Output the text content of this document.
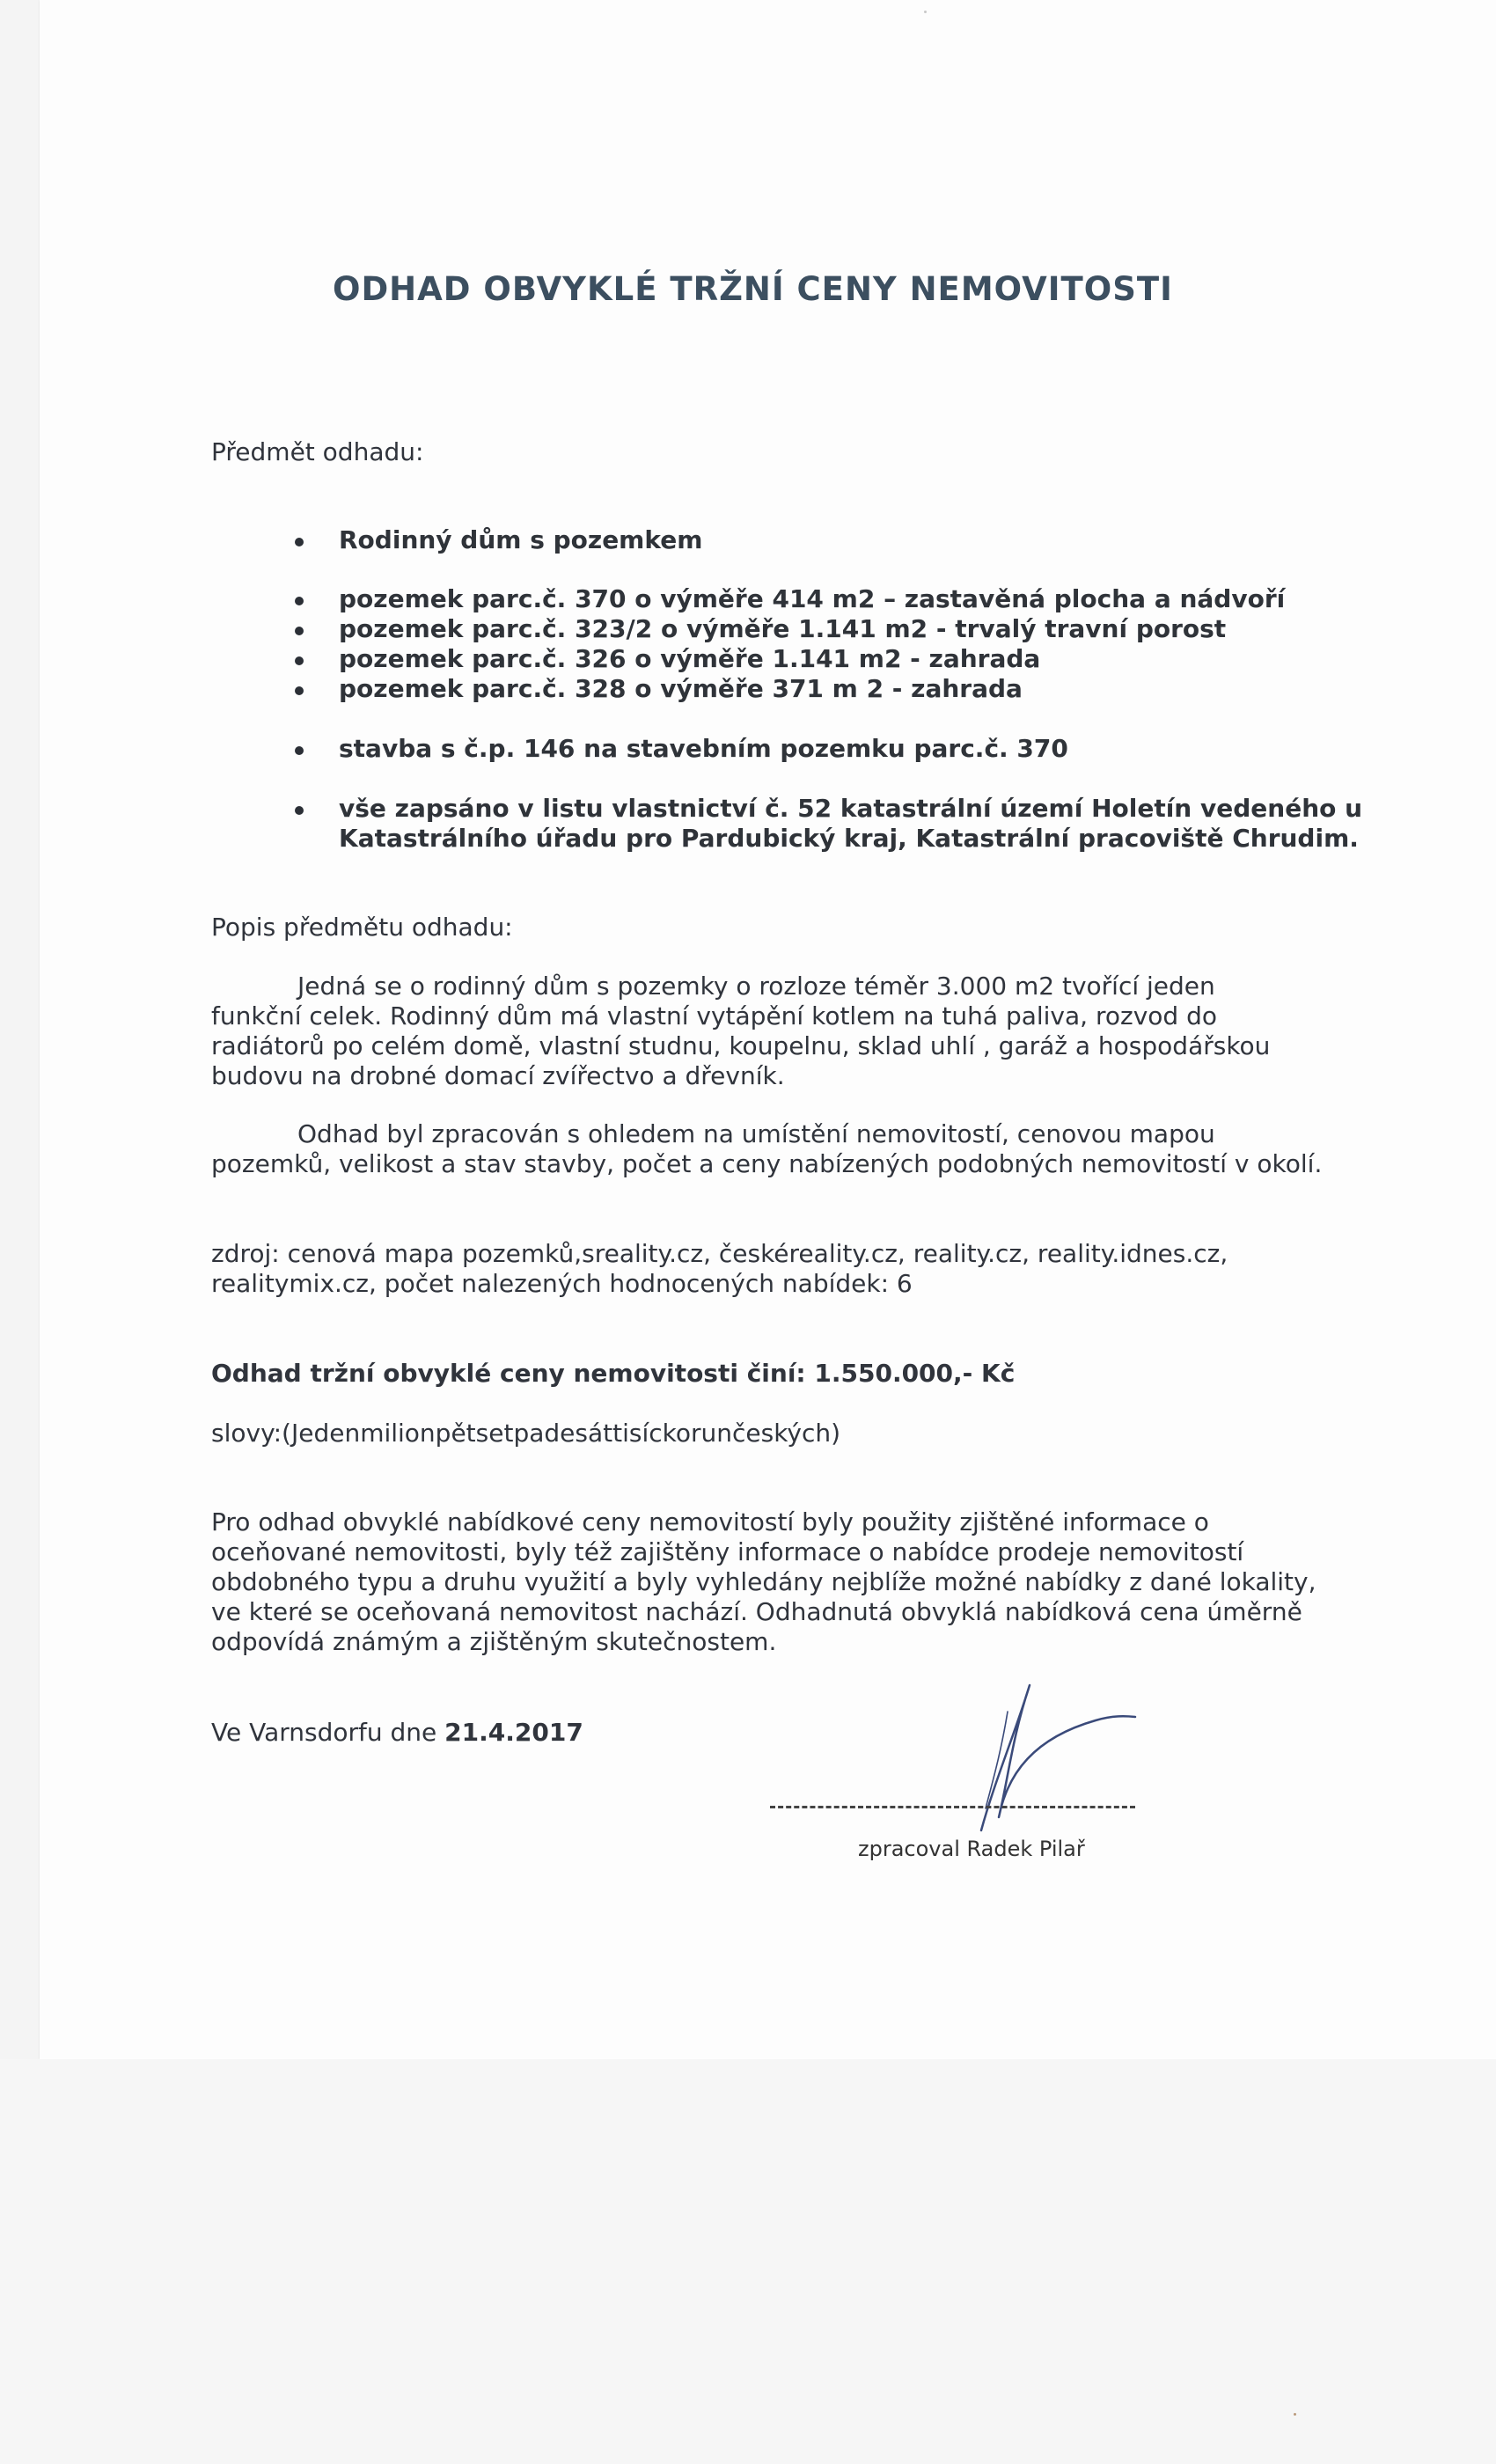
ODHAD OBVYKLÉ TRŽNÍ CENY NEMOVITOSTI
Předmět odhadu:
Rodinný dům s pozemkem
pozemek parc.č. 370 o výměře 414 m2 – zastavěná plocha a nádvoří
pozemek parc.č. 323/2 o výměře 1.141 m2 - trvalý travní porost
pozemek parc.č. 326 o výměře 1.141 m2 - zahrada
pozemek parc.č. 328 o výměře 371 m 2 - zahrada
stavba s č.p. 146 na stavebním pozemku parc.č. 370
vše zapsáno v listu vlastnictví č. 52 katastrální území Holetín vedeného u
Katastrálního úřadu pro Pardubický kraj, Katastrální pracoviště Chrudim.
Popis předmětu odhadu:
Jedná se o rodinný dům s pozemky o rozloze téměr 3.000 m2 tvořící jeden
funkční celek. Rodinný dům má vlastní vytápění kotlem na tuhá paliva, rozvod do
radiátorů po celém domě, vlastní studnu, koupelnu, sklad uhlí , garáž a hospodářskou
budovu na drobné domací zvířectvo a dřevník.
Odhad byl zpracován s ohledem na umístění nemovitostí, cenovou mapou
pozemků, velikost a stav stavby, počet a ceny nabízených podobných nemovitostí v okolí.
zdroj: cenová mapa pozemků,sreality.cz, českéreality.cz, reality.cz, reality.idnes.cz,
realitymix.cz, počet nalezených hodnocených nabídek: 6
Odhad tržní obvyklé ceny nemovitosti činí: 1.550.000,- Kč
slovy:(Jedenmilionpětsetpadesáttisíckorunčeských)
Pro odhad obvyklé nabídkové ceny nemovitostí byly použity zjištěné informace o
oceňované nemovitosti, byly též zajištěny informace o nabídce prodeje nemovitostí
obdobného typu a druhu využití a byly vyhledány nejblíže možné nabídky z dané lokality,
ve které se oceňovaná nemovitost nachází. Odhadnutá obvyklá nabídková cena úměrně
odpovídá známým a zjištěným skutečnostem.
Ve Varnsdorfu dne 21.4.2017
zpracoval Radek Pilař
